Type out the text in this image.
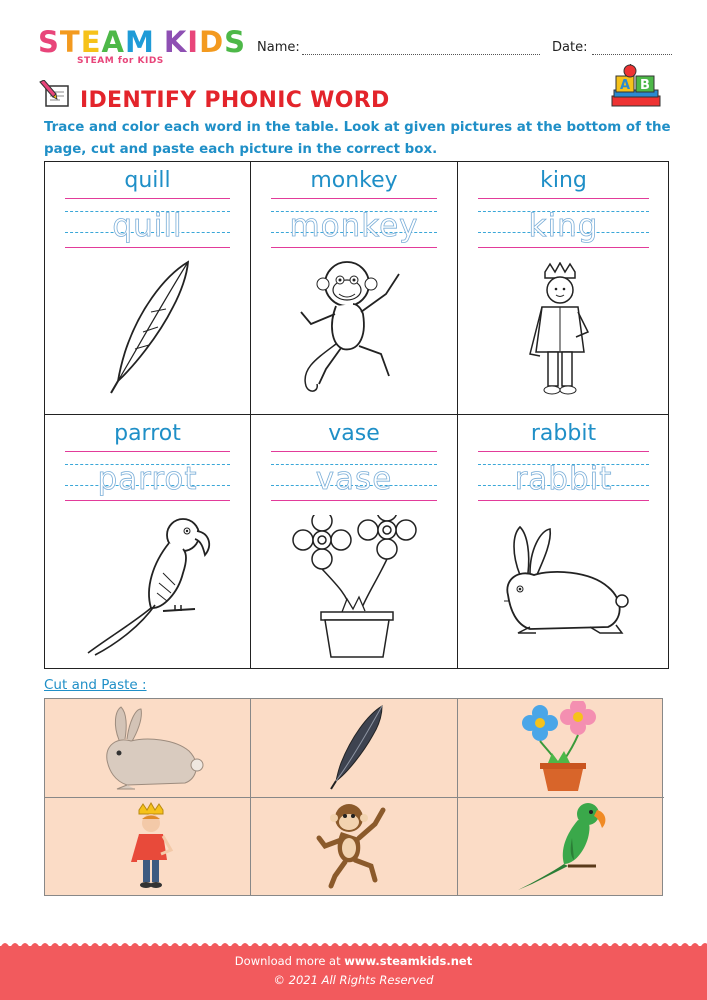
STEAM KIDS
STEAM for KIDS
Name:	Date:
A B
IDENTIFY PHONIC WORD
Trace and color each word in the table. Look at given pictures at the bottom of the page, cut and paste each picture in the correct box.
quill
quill
monkey
monkey
king
king
parrot
parrot
vase
vase
rabbit
rabbit
Cut and Paste :
Download more at www.steamkids.net
© 2021 All Rights Reserved
